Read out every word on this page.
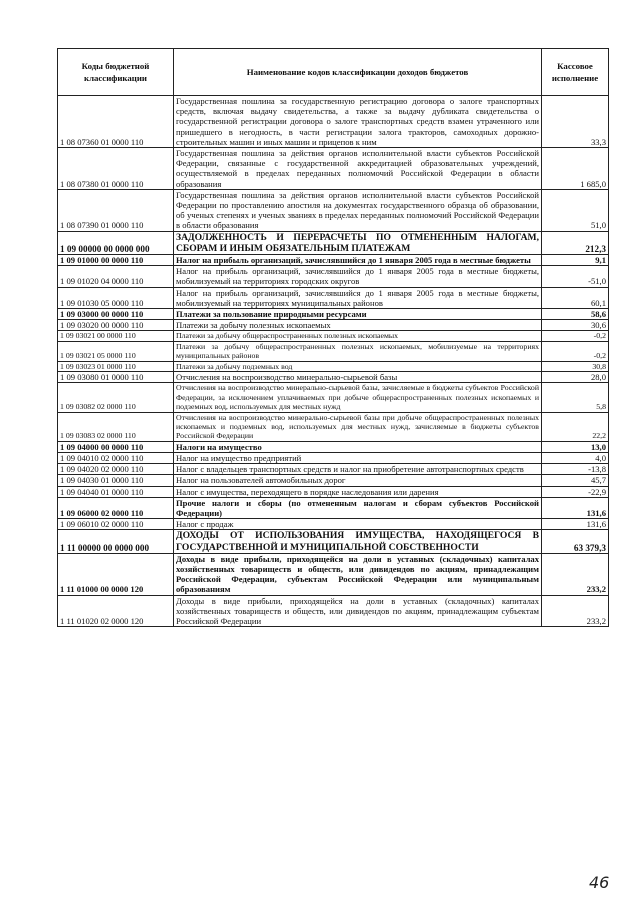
Коды бюджетной классификации	Наименование кодов классификации доходов бюджетов	Кассовое исполнение
1 08 07360 01 0000 110	Государственная пошлина за государственную регистрацию договора о залоге транспортных средств, включая выдачу свидетельства, а также за выдачу дубликата свидетельства о государственной регистрации договора о залоге транспортных средств взамен утраченного или пришедшего в негодность, в части регистрации залога тракторов, самоходных дорожно-строительных машин и иных машин и прицепов к ним	33,3
1 08 07380 01 0000 110	Государственная пошлина за действия органов исполнительной власти субъектов Российской Федерации, связанные с государственной аккредитацией образовательных учреждений, осуществляемой в пределах переданных полномочий Российской Федерации в области образования	1 685,0
1 08 07390 01 0000 110	Государственная пошлина за действия органов исполнительной власти субъектов Российской Федерации по проставлению апостиля на документах государственного образца об образовании, об ученых степенях и ученых званиях в пределах переданных полномочий Российской Федерации в области образования	51,0
1 09 00000 00 0000 000	ЗАДОЛЖЕННОСТЬ И ПЕРЕРАСЧЕТЫ ПО ОТМЕНЕННЫМ НАЛОГАМ, СБОРАМ И ИНЫМ ОБЯЗАТЕЛЬНЫМ ПЛАТЕЖАМ	212,3
1 09 01000 00 0000 110	Налог на прибыль организаций, зачислявшийся до 1 января 2005 года в местные бюджеты	9,1
1 09 01020 04 0000 110	Налог на прибыль организаций, зачислявшийся до 1 января 2005 года в местные бюджеты, мобилизуемый на территориях городских округов	-51,0
1 09 01030 05 0000 110	Налог на прибыль организаций, зачислявшийся до 1 января 2005 года в местные бюджеты, мобилизуемый на территориях муниципальных районов	60,1
1 09 03000 00 0000 110	Платежи за пользование природными ресурсами	58,6
1 09 03020 00 0000 110	Платежи за добычу полезных ископаемых	30,6
1 09 03021 00 0000 110	Платежи за добычу общераспространенных полезных ископаемых	-0,2
1 09 03021 05 0000 110	Платежи за добычу общераспространенных полезных ископаемых, мобилизуемые на территориях муниципальных районов	-0,2
1 09 03023 01 0000 110	Платежи за добычу подземных вод	30,8
1 09 03080 01 0000 110	Отчисления на воспроизводство минерально-сырьевой базы	28,0
1 09 03082 02 0000 110	Отчисления на воспроизводство минерально-сырьевой базы, зачисляемые в бюджеты субъектов Российской Федерации, за исключением уплачиваемых при добыче общераспространенных полезных ископаемых и подземных вод, используемых для местных нужд	5,8
1 09 03083 02 0000 110	Отчисления на воспроизводство минерально-сырьевой базы при добыче общераспространенных полезных ископаемых и подземных вод, используемых для местных нужд, зачисляемые в бюджеты субъектов Российской Федерации	22,2
1 09 04000 00 0000 110	Налоги на имущество	13,0
1 09 04010 02 0000 110	Налог на имущество предприятий	4,0
1 09 04020 02 0000 110	Налог с владельцев транспортных средств и налог на приобретение автотранспортных средств	-13,8
1 09 04030 01 0000 110	Налог на пользователей автомобильных дорог	45,7
1 09 04040 01 0000 110	Налог с имущества, переходящего в порядке наследования или дарения	-22,9
1 09 06000 02 0000 110	Прочие налоги и сборы (по отмененным налогам и сборам субъектов Российской Федерации)	131,6
1 09 06010 02 0000 110	Налог с продаж	131,6
1 11 00000 00 0000 000	ДОХОДЫ ОТ ИСПОЛЬЗОВАНИЯ ИМУЩЕСТВА, НАХОДЯЩЕГОСЯ В ГОСУДАРСТВЕННОЙ И МУНИЦИПАЛЬНОЙ СОБСТВЕННОСТИ	63 379,3
1 11 01000 00 0000 120	Доходы в виде прибыли, приходящейся на доли в уставных (складочных) капиталах хозяйственных товариществ и обществ, или дивидендов по акциям, принадлежащим Российской Федерации, субъектам Российской Федерации или муниципальным образованиям	233,2
1 11 01020 02 0000 120	Доходы в виде прибыли, приходящейся на доли в уставных (складочных) капиталах хозяйственных товариществ и обществ, или дивидендов по акциям, принадлежащим субъектам Российской Федерации	233,2
46
